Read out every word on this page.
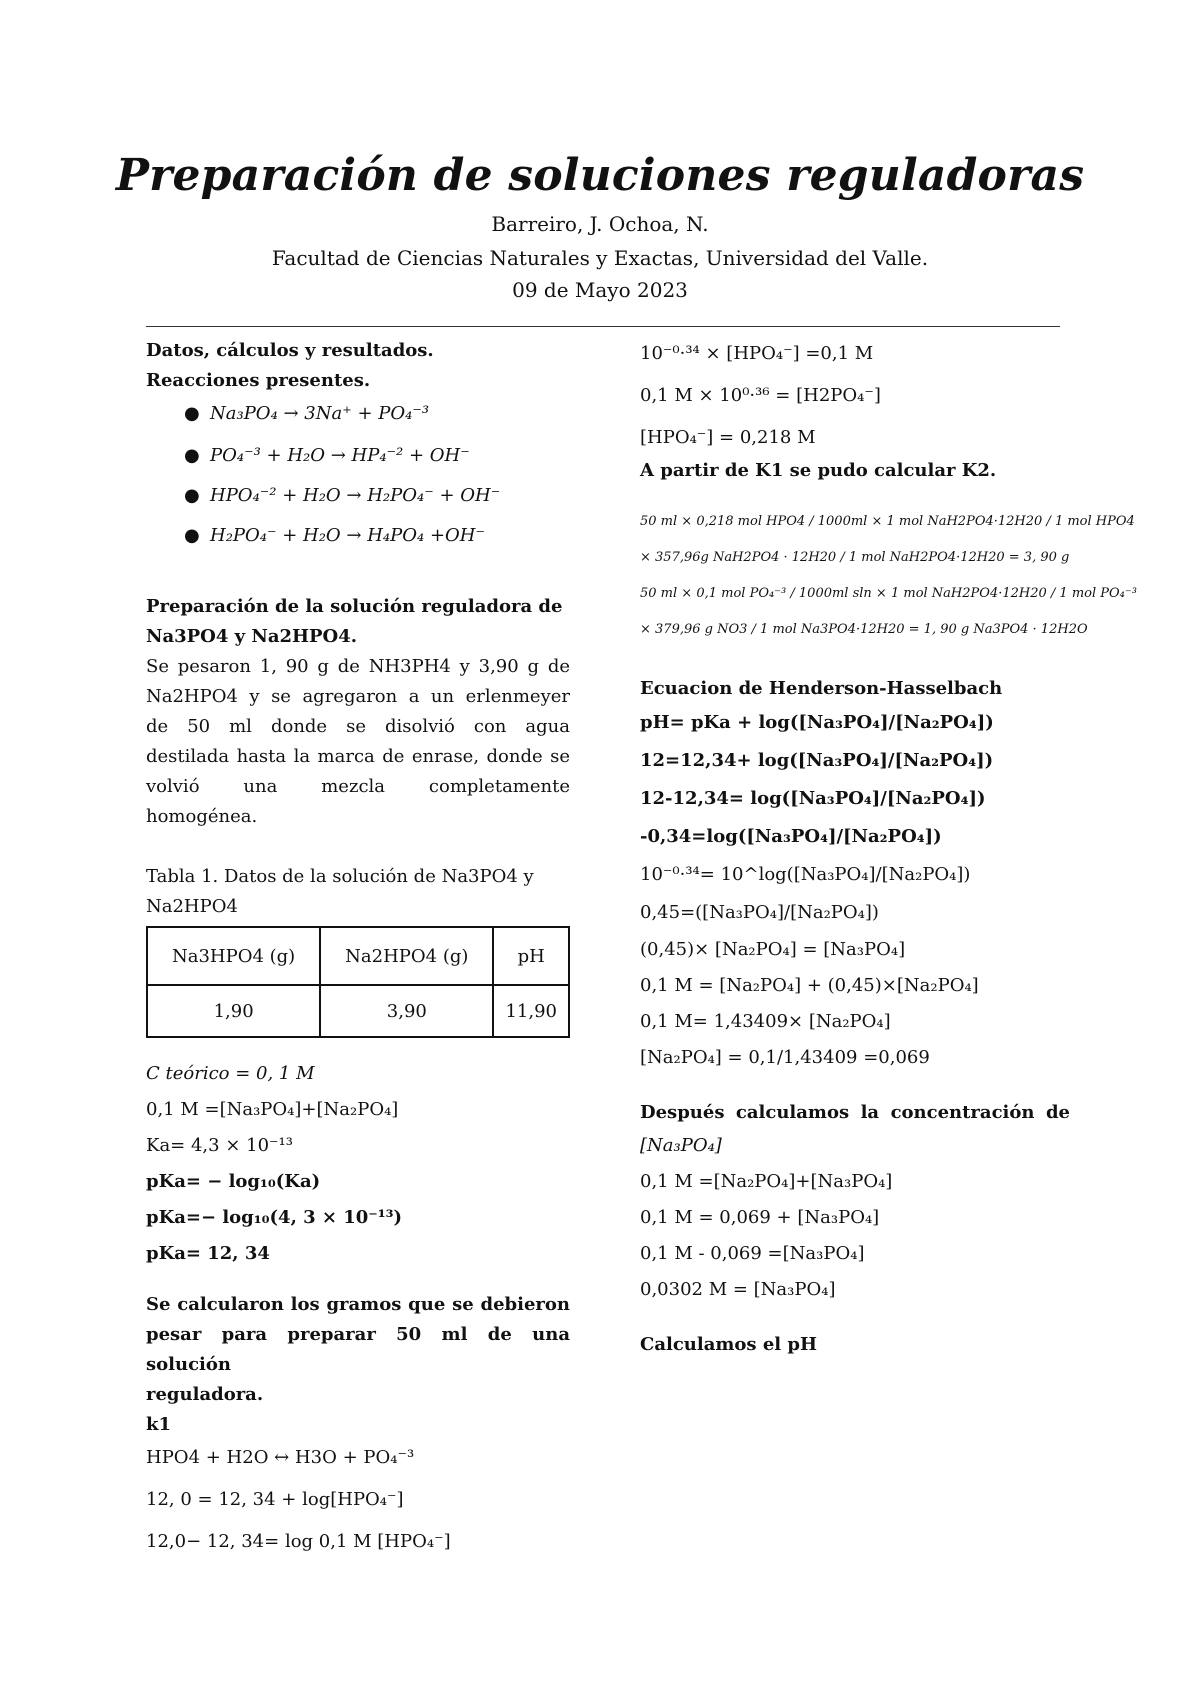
Preparación de soluciones reguladoras
Barreiro, J. Ochoa, N.
Facultad de Ciencias Naturales y Exactas, Universidad del Valle.
09 de Mayo 2023
Datos, cálculos y resultados.
Reacciones presentes.
● Na₃PO₄ → 3Na⁺ + PO₄⁻³
● PO₄⁻³ + H₂O → HP₄⁻² + OH⁻
● HPO₄⁻² + H₂O → H₂PO₄⁻ + OH⁻
● H₂PO₄⁻ + H₂O → H₄PO₄ +OH⁻
Preparación de la solución reguladora de
Na3PO4 y Na2HPO4.
Se pesaron 1, 90 g de NH3PH4 y 3,90 g de
Na2HPO4 y se agregaron a un erlenmeyer
de 50 ml donde se disolvió con agua
destilada hasta la marca de enrase, donde se
volvió una mezcla completamente
homogénea.
Tabla 1. Datos de la solución de Na3PO4 y
Na2HPO4
Na3HPO4 (g)	Na2HPO4 (g)	pH
1,90	3,90	11,90
C teórico = 0, 1 M
0,1 M =[Na₃PO₄]+[Na₂PO₄]
Ka= 4,3 × 10⁻¹³
pKa= − log₁₀(Ka)
pKa=− log₁₀(4, 3 × 10⁻¹³)
pKa= 12, 34
Se calcularon los gramos que se debieron
pesar para preparar 50 ml de una solución
reguladora.
k1
HPO4 + H2O ↔ H3O + PO₄⁻³
12, 0 = 12, 34 + log[HPO₄⁻]
12,0− 12, 34= log 0,1 M [HPO₄⁻]
10⁻⁰·³⁴ × [HPO₄⁻] =0,1 M
0,1 M × 10⁰·³⁶ = [H2PO₄⁻]
[HPO₄⁻] = 0,218 M
A partir de K1 se pudo calcular K2.
50 ml × 0,218 mol HPO4 / 1000ml × 1 mol NaH2PO4·12H20 / 1 mol HPO4
× 357,96g NaH2PO4 · 12H20 / 1 mol NaH2PO4·12H20 = 3, 90 g
50 ml × 0,1 mol PO₄⁻³ / 1000ml sln × 1 mol NaH2PO4·12H20 / 1 mol PO₄⁻³
× 379,96 g NO3 / 1 mol Na3PO4·12H20 = 1, 90 g Na3PO4 · 12H2O
Ecuacion de Henderson-Hasselbach
pH= pKa + log([Na₃PO₄]/[Na₂PO₄])
12=12,34+ log([Na₃PO₄]/[Na₂PO₄])
12-12,34= log([Na₃PO₄]/[Na₂PO₄])
-0,34=log([Na₃PO₄]/[Na₂PO₄])
10⁻⁰·³⁴= 10^log([Na₃PO₄]/[Na₂PO₄])
0,45=([Na₃PO₄]/[Na₂PO₄])
(0,45)× [Na₂PO₄] = [Na₃PO₄]
0,1 M = [Na₂PO₄] + (0,45)×[Na₂PO₄]
0,1 M= 1,43409× [Na₂PO₄]
[Na₂PO₄] = 0,1/1,43409 =0,069
Después calculamos la concentración de
[Na₃PO₄]
0,1 M =[Na₂PO₄]+[Na₃PO₄]
0,1 M = 0,069 + [Na₃PO₄]
0,1 M - 0,069 =[Na₃PO₄]
0,0302 M = [Na₃PO₄]
Calculamos el pH
